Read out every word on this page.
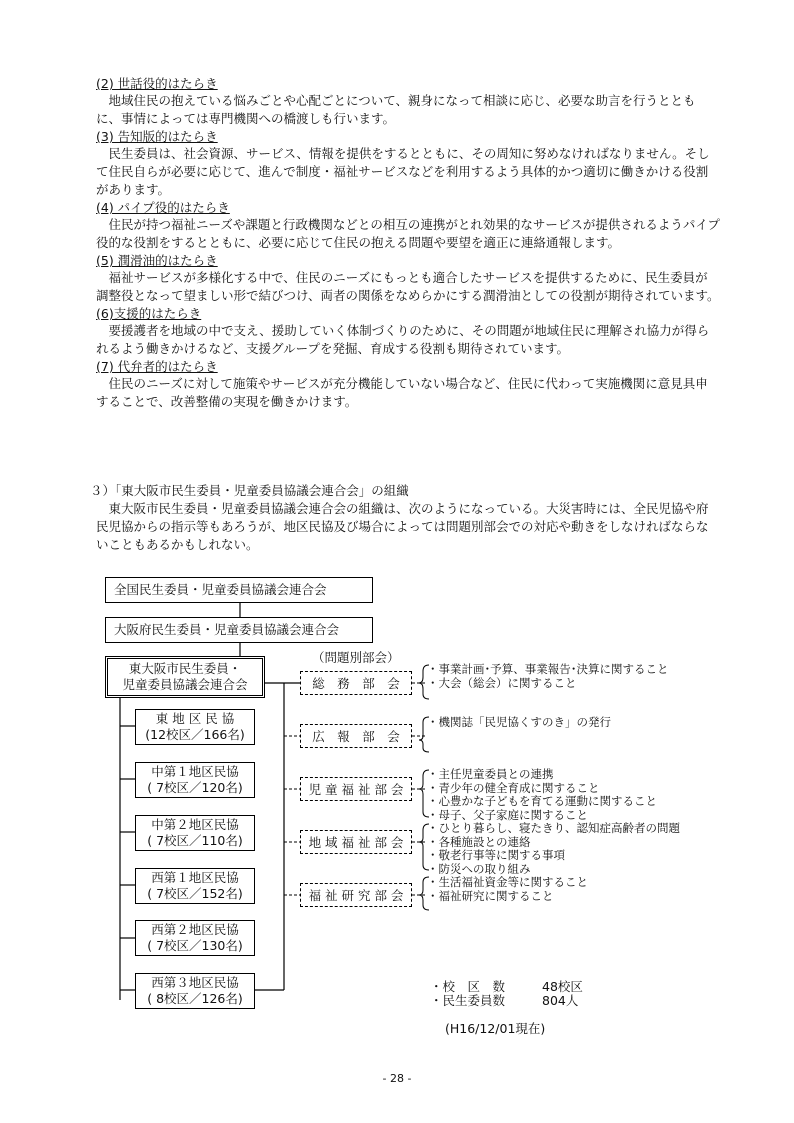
(2) 世話役的はたらき

地域住民の抱えている悩みごとや心配ごとについて、親身になって相談に応じ、必要な助言を行うとともに、事情によっては専門機関への橋渡しも行います。

(3) 告知版的はたらき

民生委員は、社会資源、サービス、情報を提供をするとともに、その周知に努めなければなりません。そして住民自らが必要に応じて、進んで制度・福祉サービスなどを利用するよう具体的かつ適切に働きかける役割があります。

(4) パイプ役的はたらき

住民が持つ福祉ニーズや課題と行政機関などとの相互の連携がとれ効果的なサービスが提供されるようパイプ役的な役割をするとともに、必要に応じて住民の抱える問題や要望を適正に連絡通報します。

(5) 潤滑油的はたらき

福祉サービスが多様化する中で、住民のニーズにもっとも適合したサービスを提供するために、民生委員が調整役となって望ましい形で結びつけ、両者の関係をなめらかにする潤滑油としての役割が期待されています。

(6)支援的はたらき

要援護者を地域の中で支え、援助していく体制づくりのために、その問題が地域住民に理解され協力が得られるよう働きかけるなど、支援グループを発掘、育成する役割も期待されています。

(7) 代弁者的はたらき

住民のニーズに対して施策やサービスが充分機能していない場合など、住民に代わって実施機関に意見具申することで、改善整備の実現を働きかけます。

３）「東大阪市民生委員・児童委員協議会連合会」の組織

東大阪市民生委員・児童委員協議会連合会の組織は、次のようになっている。大災害時には、全民児協や府民児協からの指示等もあろうが、地区民協及び場合によっては問題別部会での対応や動きをしなければならないこともあるかもしれない。

全国民生委員・児童委員協議会連合会
大阪府民生委員・児童委員協議会連合会
東大阪市民生委員・
児童委員協議会連合会
（問題別部会）
東 地 区 民 協
(12校区／166名)
中第１地区民協
( 7校区／120名)
中第２地区民協
( 7校区／110名)
西第１地区民協
( 7校区／152名)
西第２地区民協
( 7校区／130名)
西第３地区民協
( 8校区／126名)
総　務　部　会
広　報　部　会
児 童 福 祉 部 会
地 域 福 祉 部 会
福 祉 研 究 部 会
・事業計画･予算、事業報告･決算に関すること
・大会（総会）に関すること
・機関誌「民児協くすのき」の発行
・主任児童委員との連携
・青少年の健全育成に関すること
・心豊かな子どもを育てる運動に関すること
・母子、父子家庭に関すること
・ひとり暮らし、寝たきり、認知症高齢者の問題
・各種施設との連絡
・敬老行事等に関する事項
・防災への取り組み
・生活福祉資金等に関すること
・福祉研究に関すること
・校　区　数	48校区
・民生委員数	804人
(H16/12/01現在)
- 28 -
